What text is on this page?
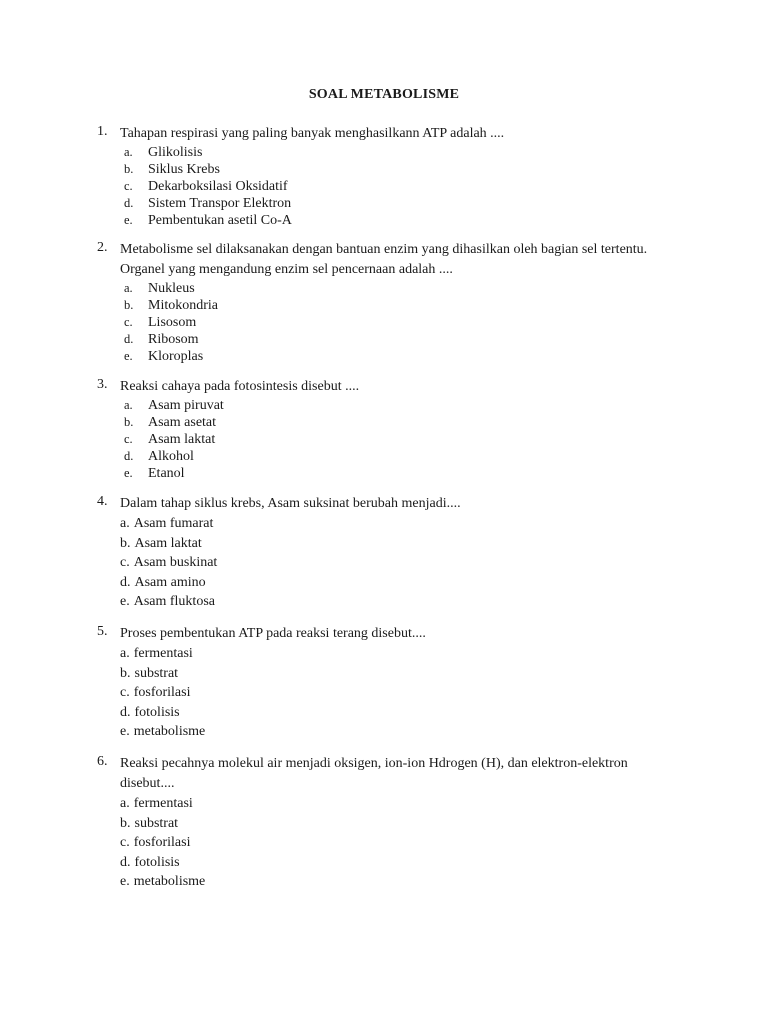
SOAL METABOLISME
1. Tahapan respirasi yang paling banyak menghasilkann ATP adalah ....
a. Glikolisis
b. Siklus Krebs
c. Dekarboksilasi Oksidatif
d. Sistem Transpor Elektron
e. Pembentukan asetil Co-A
2. Metabolisme sel dilaksanakan dengan bantuan enzim yang dihasilkan oleh bagian sel tertentu. Organel yang mengandung enzim sel pencernaan adalah ....
a. Nukleus
b. Mitokondria
c. Lisosom
d. Ribosom
e. Kloroplas
3. Reaksi cahaya pada fotosintesis disebut ....
a. Asam piruvat
b. Asam asetat
c. Asam laktat
d. Alkohol
e. Etanol
4. Dalam tahap siklus krebs, Asam suksinat berubah menjadi....
a. Asam fumarat
b. Asam laktat
c. Asam buskinat
d. Asam amino
e. Asam fluktosa
5. Proses pembentukan ATP pada reaksi terang disebut....
a. fermentasi
b. substrat
c. fosforilasi
d. fotolisis
e. metabolisme
6. Reaksi pecahnya molekul air menjadi oksigen, ion-ion Hdrogen (H), dan elektron-elektron disebut....
a. fermentasi
b. substrat
c. fosforilasi
d. fotolisis
e. metabolisme
